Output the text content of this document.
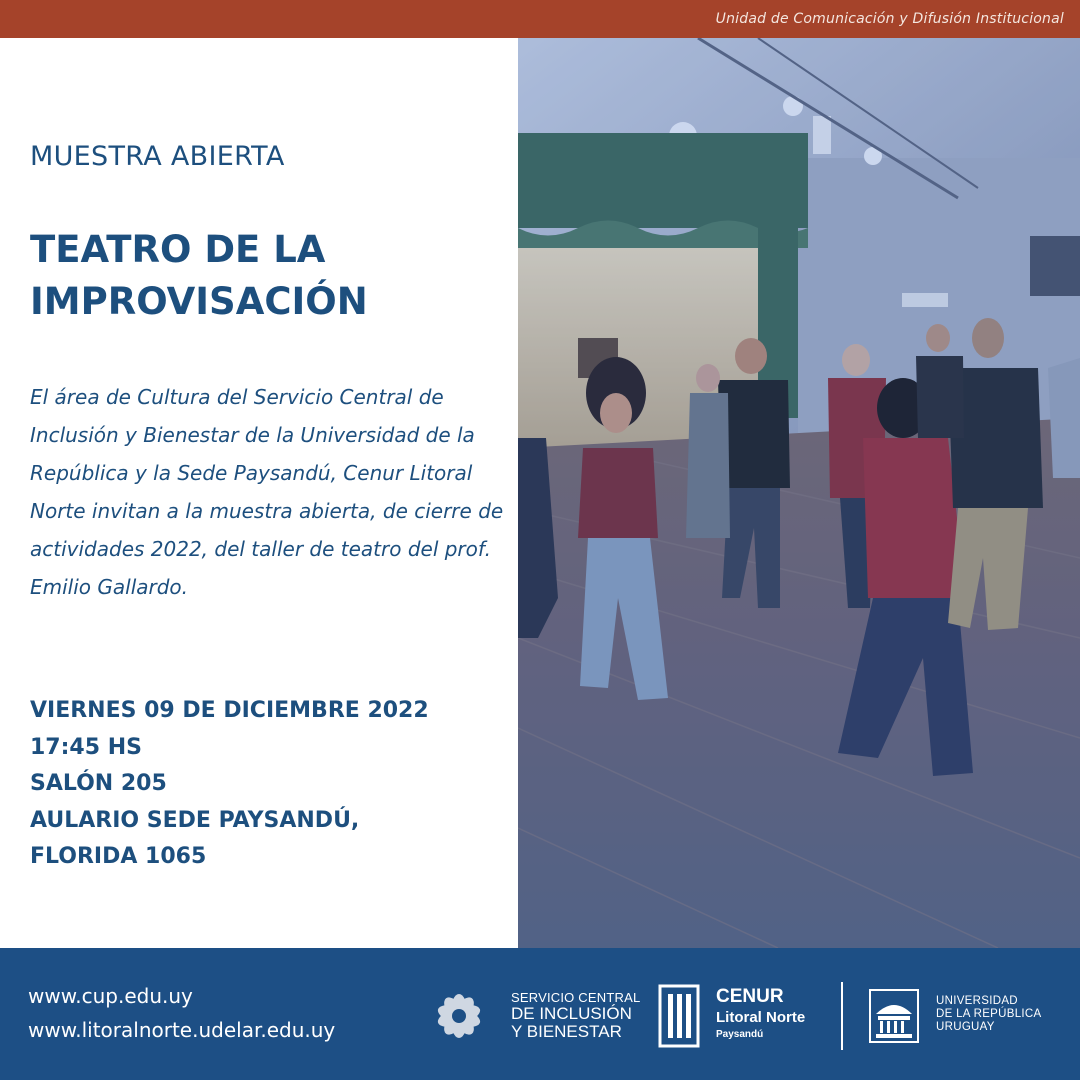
Unidad de Comunicación y Difusión Institucional
MUESTRA ABIERTA
TEATRO DE LA
IMPROVISACIÓN

El área de Cultura del Servicio Central de Inclusión y Bienestar de la Universidad de la República y la Sede Paysandú, Cenur Litoral Norte invitan a la muestra abierta, de cierre de actividades 2022, del taller de teatro del prof. Emilio Gallardo.

VIERNES 09 DE DICIEMBRE 2022
17:45 HS
SALÓN 205
AULARIO SEDE PAYSANDÚ,
FLORIDA 1065
www.cup.edu.uy
www.litoralnorte.udelar.edu.uy
SERVICIO CENTRAL
DE INCLUSIÓN
Y BIENESTAR
CENUR
Litoral Norte
Paysandú
UNIVERSIDAD
DE LA REPÚBLICA
URUGUAY
